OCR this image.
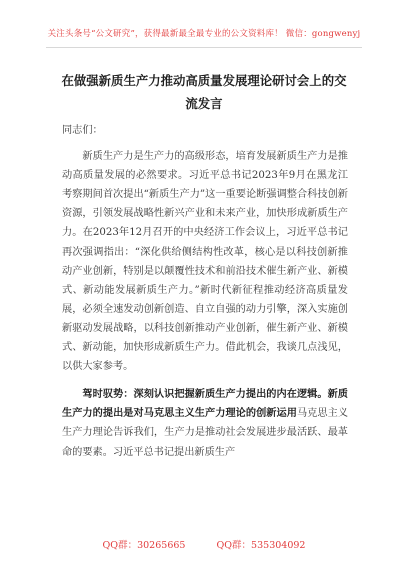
关注头条号“公文研究”，获得最新最全最专业的公文资料库！ 微信：gongwenyj
在做强新质生产力推动高质量发展理论研讨会上的交流发言

同志们：

新质生产力是生产力的高级形态，培育发展新质生产力是推动高质量发展的必然要求。习近平总书记2023年9月在黑龙江考察期间首次提出“新质生产力”这一重要论断强调整合科技创新资源，引领发展战略性新兴产业和未来产业，加快形成新质生产力。在2023年12月召开的中央经济工作会议上，习近平总书记再次强调指出：“深化供给侧结构性改革，核心是以科技创新推动产业创新，特别是以颠覆性技术和前沿技术催生新产业、新模式、新动能发展新质生产力。”新时代新征程推动经济高质量发展，必须全速发动创新创造、自立自强的动力引擎，深入实施创新驱动发展战略，以科技创新推动产业创新，催生新产业、新模式、新动能，加快形成新质生产力。借此机会，我谈几点浅见，以供大家参考。

驾时驭势：深刻认识把握新质生产力提出的内在逻辑。新质生产力的提出是对马克思主义生产力理论的创新运用马克思主义生产力理论告诉我们，生产力是推动社会发展进步最活跃、最革命的要素。习近平总书记提出新质生产

QQ群：30265665	QQ群：535304092
